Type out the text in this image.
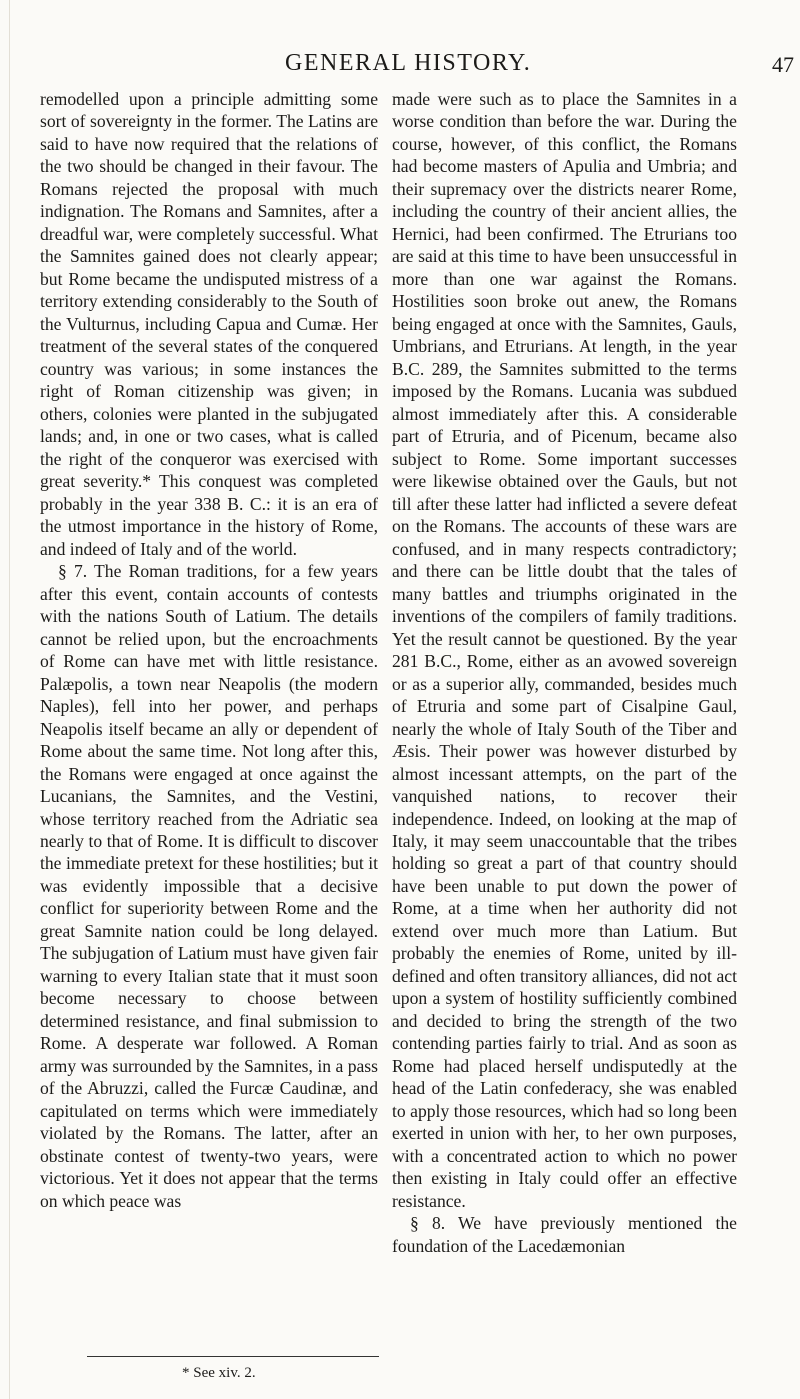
GENERAL HISTORY.	47

remodelled upon a principle admitting some sort of sovereignty in the former. The Latins are said to have now required that the relations of the two should be changed in their favour. The Romans rejected the proposal with much indignation. The Romans and Samnites, after a dreadful war, were completely successful. What the Samnites gained does not clearly appear; but Rome became the undisputed mistress of a territory extending considerably to the South of the Vulturnus, including Capua and Cumæ. Her treatment of the several states of the conquered country was various; in some instances the right of Roman citizenship was given; in others, colonies were planted in the subjugated lands; and, in one or two cases, what is called the right of the conqueror was exercised with great severity.* This conquest was completed probably in the year 338 B. C.: it is an era of the utmost importance in the history of Rome, and indeed of Italy and of the world.

§ 7. The Roman traditions, for a few years after this event, contain accounts of contests with the nations South of Latium. The details cannot be relied upon, but the encroachments of Rome can have met with little resistance. Palæpolis, a town near Neapolis (the modern Naples), fell into her power, and perhaps Neapolis itself became an ally or dependent of Rome about the same time. Not long after this, the Romans were engaged at once against the Lucanians, the Samnites, and the Vestini, whose territory reached from the Adriatic sea nearly to that of Rome. It is difficult to discover the immediate pretext for these hostilities; but it was evidently impossible that a decisive conflict for superiority between Rome and the great Samnite nation could be long delayed. The subjugation of Latium must have given fair warning to every Italian state that it must soon become necessary to choose between determined resistance, and final submission to Rome. A desperate war followed. A Roman army was surrounded by the Samnites, in a pass of the Abruzzi, called the Furcæ Caudinæ, and capitulated on terms which were immediately violated by the Romans. The latter, after an obstinate contest of twenty-two years, were victorious. Yet it does not appear that the terms on which peace was

made were such as to place the Samnites in a worse condition than before the war. During the course, however, of this conflict, the Romans had become masters of Apulia and Umbria; and their supremacy over the districts nearer Rome, including the country of their ancient allies, the Hernici, had been confirmed. The Etrurians too are said at this time to have been unsuccessful in more than one war against the Romans. Hostilities soon broke out anew, the Romans being engaged at once with the Samnites, Gauls, Umbrians, and Etrurians. At length, in the year B.C. 289, the Samnites submitted to the terms imposed by the Romans. Lucania was subdued almost immediately after this. A considerable part of Etruria, and of Picenum, became also subject to Rome. Some important successes were likewise obtained over the Gauls, but not till after these latter had inflicted a severe defeat on the Romans. The accounts of these wars are confused, and in many respects contradictory; and there can be little doubt that the tales of many battles and triumphs originated in the inventions of the compilers of family traditions. Yet the result cannot be questioned. By the year 281 B.C., Rome, either as an avowed sovereign or as a superior ally, commanded, besides much of Etruria and some part of Cisalpine Gaul, nearly the whole of Italy South of the Tiber and Æsis. Their power was however disturbed by almost incessant attempts, on the part of the vanquished nations, to recover their independence. Indeed, on looking at the map of Italy, it may seem unaccountable that the tribes holding so great a part of that country should have been unable to put down the power of Rome, at a time when her authority did not extend over much more than Latium. But probably the enemies of Rome, united by ill-defined and often transitory alliances, did not act upon a system of hostility sufficiently combined and decided to bring the strength of the two contending parties fairly to trial. And as soon as Rome had placed herself undisputedly at the head of the Latin confederacy, she was enabled to apply those resources, which had so long been exerted in union with her, to her own purposes, with a concentrated action to which no power then existing in Italy could offer an effective resistance.

§ 8. We have previously mentioned the foundation of the Lacedæmonian

* See xiv. 2.
